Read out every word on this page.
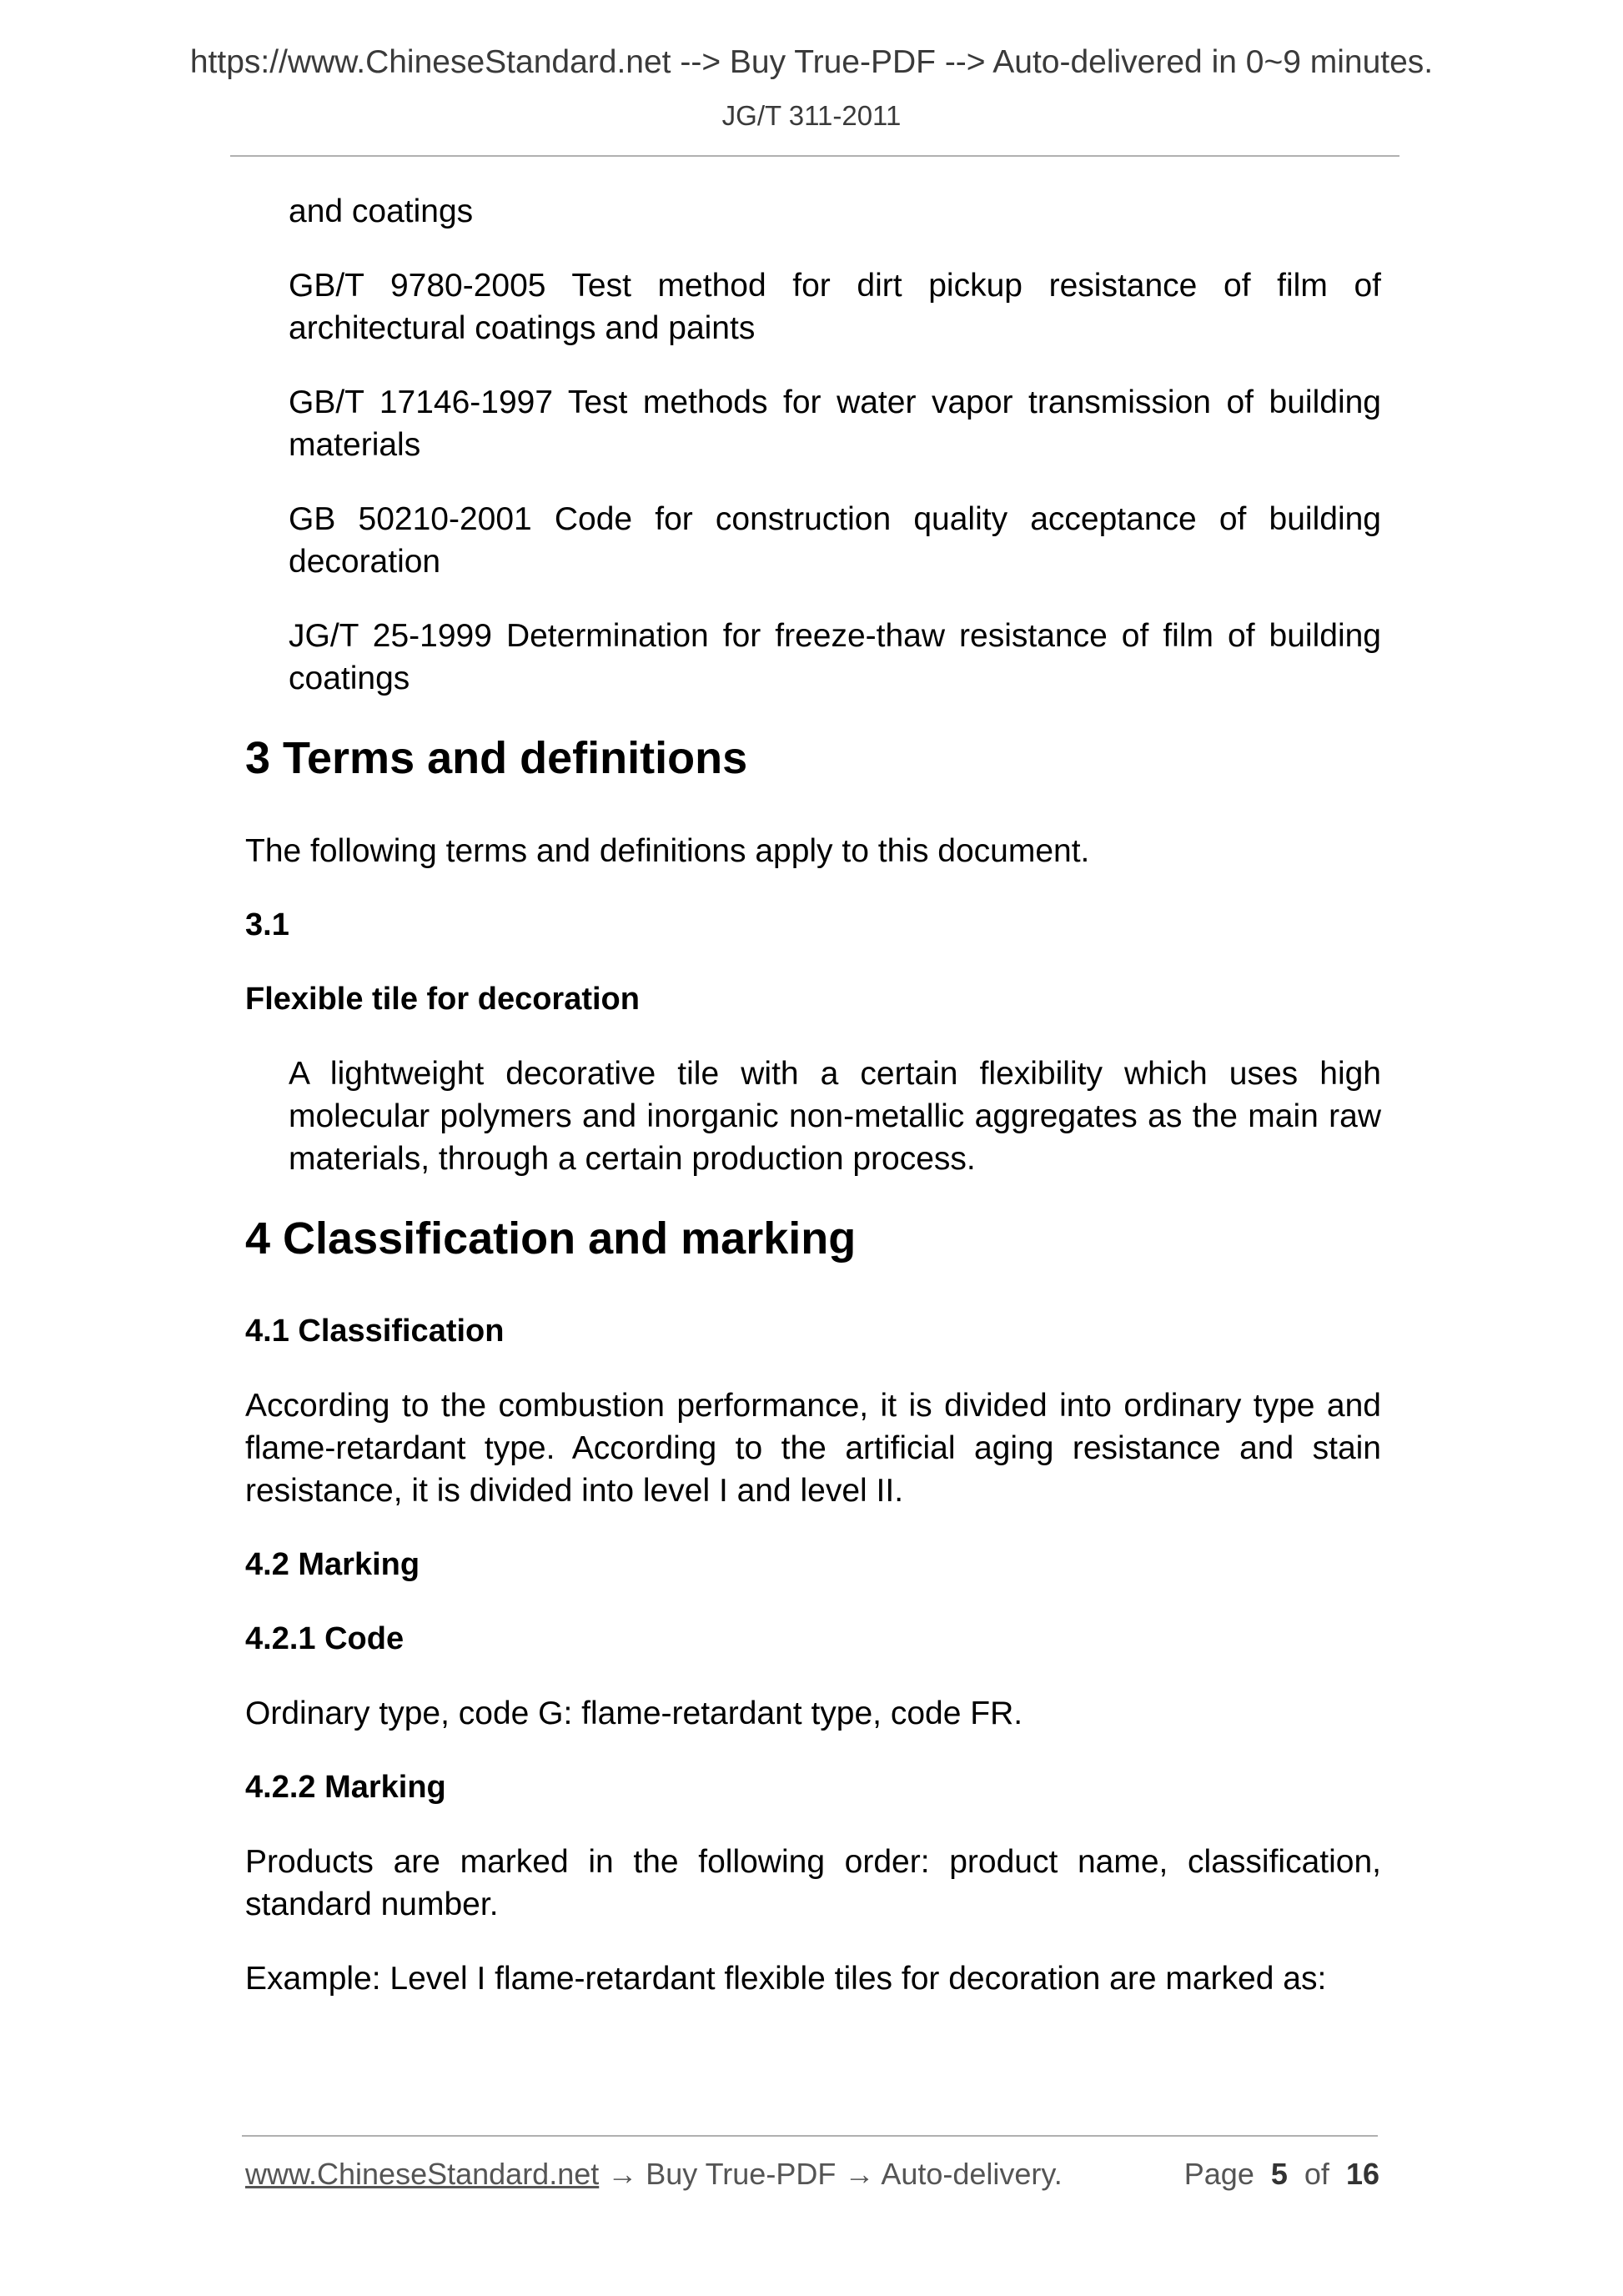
https://www.ChineseStandard.net --> Buy True-PDF --> Auto-delivered in 0~9 minutes.
JG/T 311-2011

and coatings

GB/T 9780-2005 Test method for dirt pickup resistance of film of architectural coatings and paints

GB/T 17146-1997 Test methods for water vapor transmission of building materials

GB 50210-2001 Code for construction quality acceptance of building decoration

JG/T 25-1999 Determination for freeze-thaw resistance of film of building coatings

3 Terms and definitions

The following terms and definitions apply to this document.

3.1
Flexible tile for decoration

A lightweight decorative tile with a certain flexibility which uses high molecular polymers and inorganic non-metallic aggregates as the main raw materials, through a certain production process.

4 Classification and marking
4.1 Classification

According to the combustion performance, it is divided into ordinary type and flame-retardant type. According to the artificial aging resistance and stain resistance, it is divided into level I and level II.

4.2 Marking
4.2.1 Code

Ordinary type, code G: flame-retardant type, code FR.

4.2.2 Marking

Products are marked in the following order: product name, classification, standard number.

Example: Level I flame-retardant flexible tiles for decoration are marked as:

www.ChineseStandard.net → Buy True-PDF → Auto-delivery.	Page 5 of 16
